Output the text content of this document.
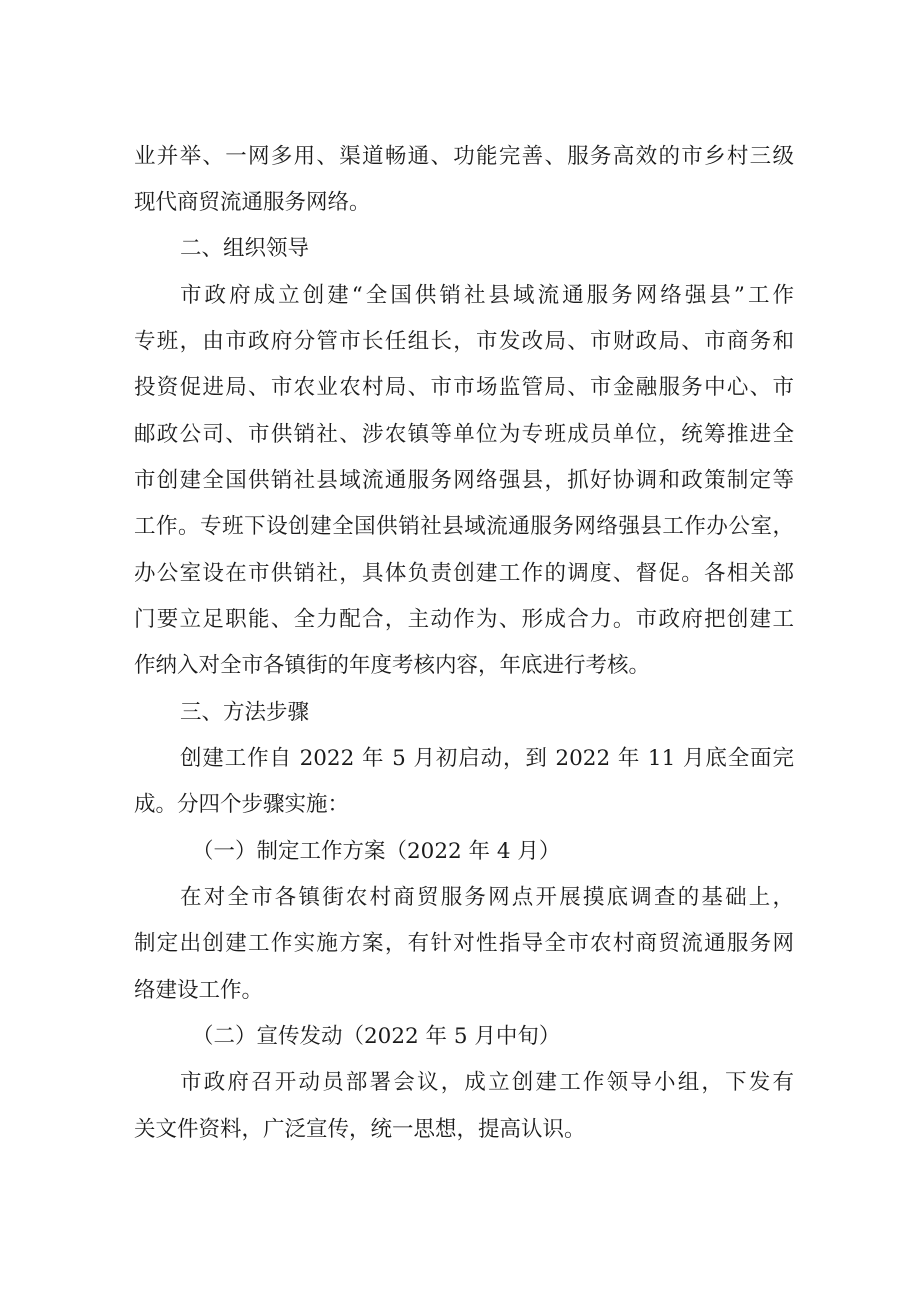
业并举、一网多用、渠道畅通、功能完善、服务高效的市乡村三级
现代商贸流通服务网络。
二、组织领导
市政府成立创建“全国供销社县域流通服务网络强县”工作
专班，由市政府分管市长任组长，市发改局、市财政局、市商务和
投资促进局、市农业农村局、市市场监管局、市金融服务中心、市
邮政公司、市供销社、涉农镇等单位为专班成员单位，统筹推进全
市创建全国供销社县域流通服务网络强县，抓好协调和政策制定等
工作。专班下设创建全国供销社县域流通服务网络强县工作办公室，
办公室设在市供销社，具体负责创建工作的调度、督促。各相关部
门要立足职能、全力配合，主动作为、形成合力。市政府把创建工
作纳入对全市各镇街的年度考核内容，年底进行考核。
三、方法步骤
创建工作自 2022 年 5 月初启动，到 2022 年 11 月底全面完
成。分四个步骤实施：
（一）制定工作方案（2022 年 4 月）
在对全市各镇街农村商贸服务网点开展摸底调查的基础上，
制定出创建工作实施方案，有针对性指导全市农村商贸流通服务网
络建设工作。
（二）宣传发动（2022 年 5 月中旬）
市政府召开动员部署会议，成立创建工作领导小组，下发有
关文件资料，广泛宣传，统一思想，提高认识。
